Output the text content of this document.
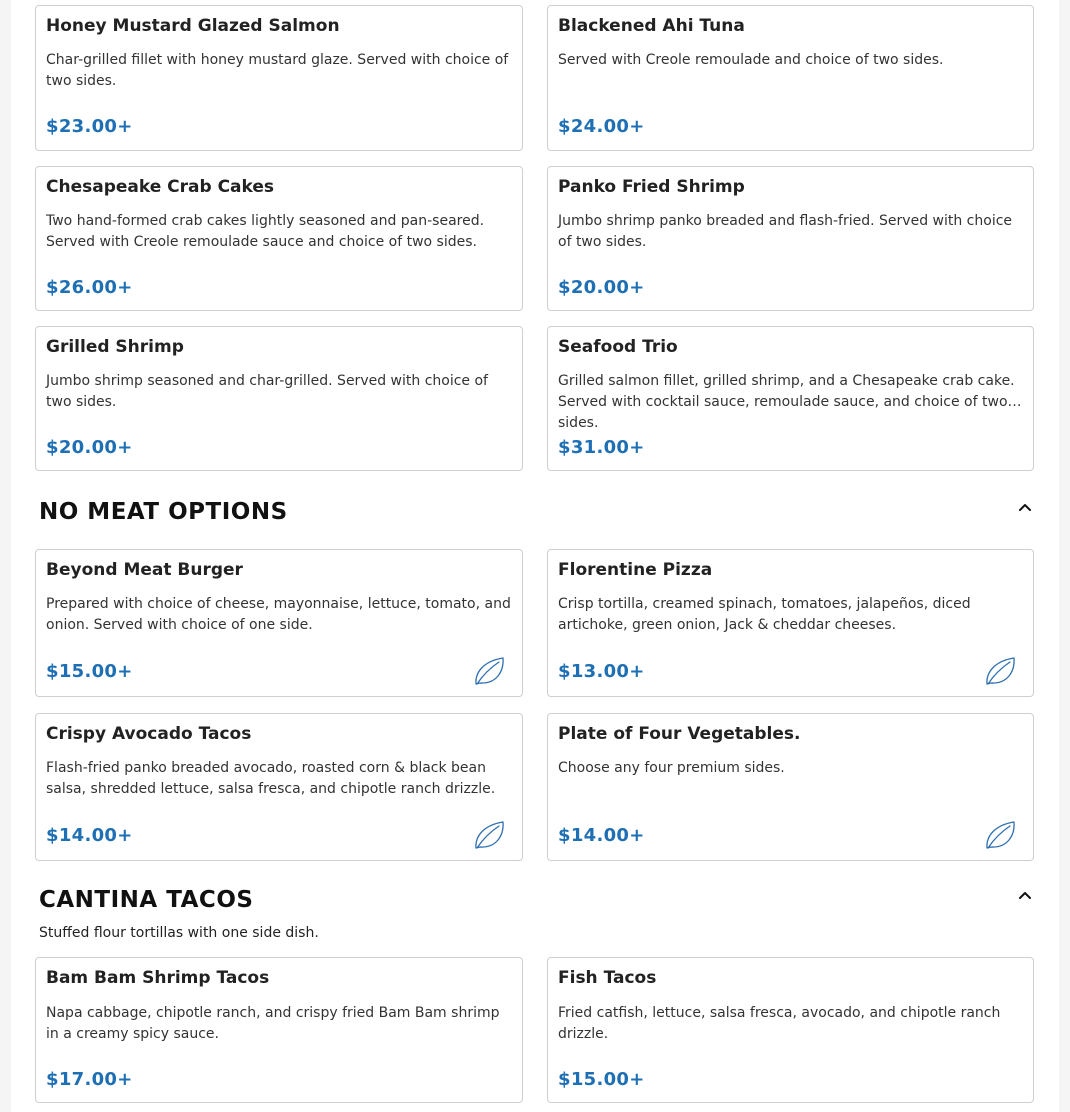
Honey Mustard Glazed Salmon
Char-grilled fillet with honey mustard glaze. Served with choice of two sides.
$23.00+
Blackened Ahi Tuna
Served with Creole remoulade and choice of two sides.
$24.00+
Chesapeake Crab Cakes
Two hand-formed crab cakes lightly seasoned and pan-seared. Served with Creole remoulade sauce and choice of two sides.
$26.00+
Panko Fried Shrimp
Jumbo shrimp panko breaded and flash-fried. Served with choice of two sides.
$20.00+
Grilled Shrimp
Jumbo shrimp seasoned and char-grilled. Served with choice of two sides.
$20.00+
Seafood Trio
Grilled salmon fillet, grilled shrimp, and a Chesapeake crab cake. Served with cocktail sauce, remoulade sauce, and choice of two sides.
$31.00+
NO MEAT OPTIONS
Beyond Meat Burger
Prepared with choice of cheese, mayonnaise, lettuce, tomato, and onion. Served with choice of one side.
$15.00+
Florentine Pizza
Crisp tortilla, creamed spinach, tomatoes, jalapeños, diced artichoke, green onion, Jack & cheddar cheeses.
$13.00+
Crispy Avocado Tacos
Flash-fried panko breaded avocado, roasted corn & black bean salsa, shredded lettuce, salsa fresca, and chipotle ranch drizzle.
$14.00+
Plate of Four Vegetables.
Choose any four premium sides.
$14.00+
CANTINA TACOS
Stuffed flour tortillas with one side dish.
Bam Bam Shrimp Tacos
Napa cabbage, chipotle ranch, and crispy fried Bam Bam shrimp in a creamy spicy sauce.
$17.00+
Fish Tacos
Fried catfish, lettuce, salsa fresca, avocado, and chipotle ranch drizzle.
$15.00+
